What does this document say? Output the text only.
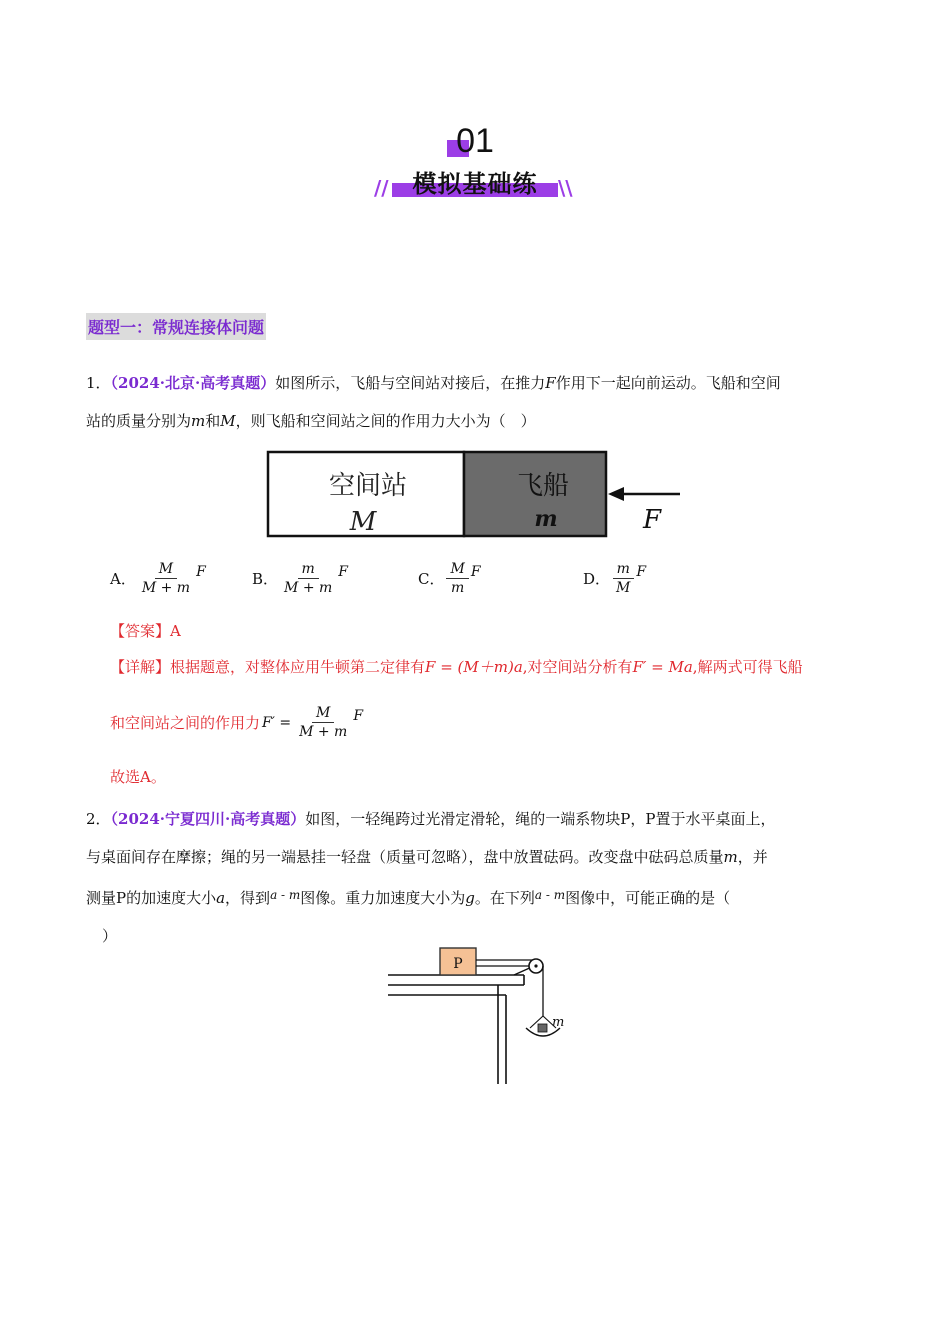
01
//	\\
模拟基础练
题型一：常规连接体问题
1．（2024·北京·高考真题）如图所示，飞船与空间站对接后，在推力F作用下一起向前运动。飞船和空间
站的质量分别为m和M，则飞船和空间站之间的作用力大小为（　）
空间站
M
飞船
m	F
A． $\frac{M}{M + m}$ F	B． $\frac{m}{M + m}$ F	C． $\frac{M}{m}$ F	D． $\frac{m}{M}$ F
【答案】A
【详解】根据题意，对整体应用牛顿第二定律有F = (M＋m)a,对空间站分析有F′ = Ma,解两式可得飞船
和空间站之间的作用力 $F' = \frac{M}{M + m}$ F
故选A。
2．（2024·宁夏四川·高考真题）如图，一轻绳跨过光滑定滑轮，绳的一端系物块P，P置于水平桌面上，
与桌面间存在摩擦；绳的另一端悬挂一轻盘（质量可忽略），盘中放置砝码。改变盘中砝码总质量m，并
测量P的加速度大小a，得到$^{a - m}$图像。重力加速度大小为g。在下列$^{a - m}$图像中，可能正确的是（
）
P
m
